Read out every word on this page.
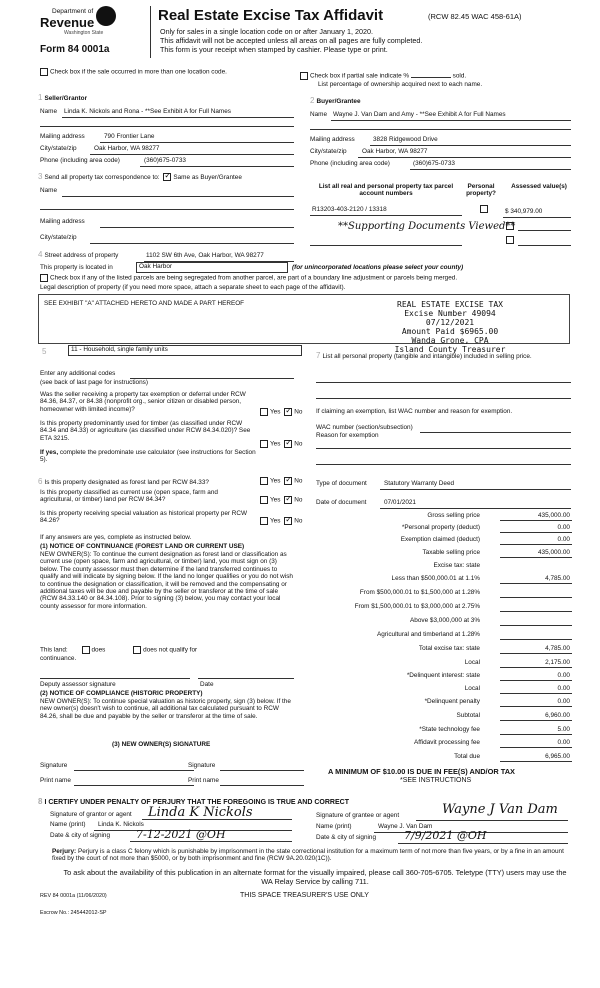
Department of
Revenue
Washington State
Form 84 0001a
Real Estate Excise Tax Affidavit	(RCW 82.45 WAC 458-61A)
Only for sales in a single location code on or after January 1, 2020.
This affidavit will not be accepted unless all areas on all pages are fully completed.
This form is your receipt when stamped by cashier. Please type or print.
Check box if the sale occurred in more than one location code.
Check box if partial sale indicate %	sold.
List percentage of ownership acquired next to each name.
1 Seller/Grantor
Name Linda K. Nickols and Rona - **See Exhibit A for Full Names
Mailing address	790 Frontier Lane
City/state/zip	Oak Harbor, WA 98277
Phone (including area code)	(360)675-0733
2 Buyer/Grantee
Name Wayne J. Van Dam and Amy - **See Exhibit A for Full Names
Mailing address	3828 Ridgewood Drive
City/state/zip Oak Harbor, WA 98277
Phone (including area code)	(360)675-0733
3 Send all property tax correspondence to: ✓ Same as Buyer/Grantee
Name
Mailing address
City/state/zip
List all real and personal property tax parcel account numbers
Personal property?
Assessed value(s)
R13203-403-2120 / 13318	$ 340,979.00
**Supporting Documents Viewed**
4 Street address of property	1102 SW 6th Ave, Oak Harbor, WA 98277
This property is located in	Oak Harbor	(for unincorporated locations please select your county)
Check box if any of the listed parcels are being segregated from another parcel, are part of a boundary line adjustment or parcels being merged.
Legal description of property (if you need more space, attach a separate sheet to each page of the affidavit).
SEE EXHIBIT "A" ATTACHED HERETO AND MADE A PART HEREOF	REAL ESTATE EXCISE TAX
Excise Number 49094
07/12/2021
Amount Paid $6965.00
Wanda Grone, CPA
Island County Treasurer
5	11 - Household, single family units
Enter any additional codes
(see back of last page for instructions)
Was the seller receiving a property tax exemption or deferral under RCW 84.36, 84.37, or 84.38 (nonprofit org., senior citizen or disabled person, homeowner with limited income)?	Yes ✓ No
Is this property predominantly used for timber (as classified under RCW 84.34 and 84.33) or agriculture (as classified under RCW 84.34.020)? See ETA 3215.
Yes ✓ No
If yes, complete the predominate use calculator (see instructions for Section 5).
7 List all personal property (tangible and intangible) included in selling price.
If claiming an exemption, list WAC number and reason for exemption.
WAC number (section/subsection)
Reason for exemption
6 Is this property designated as forest land per RCW 84.33?	Yes ✓ No
Is this property classified as current use (open space, farm and agricultural, or timber) land per RCW 84.34?	Yes ✓ No
Is this property receiving special valuation as historical property per RCW 84.26?	Yes ✓ No
If any answers are yes, complete as instructed below.
(1) NOTICE OF CONTINUANCE (FOREST LAND OR CURRENT USE)
NEW OWNER(S): To continue the current designation as forest land or classification as current use (open space, farm and agricultural, or timber) land, you must sign on (3) below. The county assessor must then determine if the land transferred continues to qualify and will indicate by signing below. If the land no longer qualifies or you do not wish to continue the designation or classification, it will be removed and the compensating or additional taxes will be due and payable by the seller or transferor at the time of sale (RCW 84.33.140 or 84.34.108). Prior to signing (3) below, you may contact your local county assessor for more information.
This land:	does	does not qualify for
continuance.
Deputy assessor signature	Date
(2) NOTICE OF COMPLIANCE (HISTORIC PROPERTY)
NEW OWNER(S): To continue special valuation as historic property, sign (3) below. If the new owner(s) doesn't wish to continue, all additional tax calculated pursuant to RCW 84.26, shall be due and payable by the seller or transferor at the time of sale.
(3) NEW OWNER(S) SIGNATURE
Signature	Signature
Print name	Print name
Type of document	Statutory Warranty Deed
Date of document	07/01/2021
Gross selling price	435,000.00
*Personal property (deduct)	0.00
Exemption claimed (deduct)	0.00
Taxable selling price	435,000.00
Excise tax: state
Less than $500,000.01 at 1.1%	4,785.00
From $500,000.01 to $1,500,000 at 1.28%
From $1,500,000.01 to $3,000,000 at 2.75%
Above $3,000,000 at 3%
Agricultural and timberland at 1.28%
Total excise tax: state	4,785.00
Local	2,175.00
*Delinquent interest: state	0.00
Local	0.00
*Delinquent penalty	0.00
Subtotal	6,960.00
*State technology fee	5.00
Affidavit processing fee	0.00
Total due	6,965.00
A MINIMUM OF $10.00 IS DUE IN FEE(S) AND/OR TAX
*SEE INSTRUCTIONS
8 I CERTIFY UNDER PENALTY OF PERJURY THAT THE FOREGOING IS TRUE AND CORRECT
Signature of grantor or agent Linda K Nickols
Name (print) Linda K. Nickols
Date & city of signing 7-12-2021 @OH
Signature of grantee or agent	Wayne J Van Dam
Name (print)	Wayne J. Van Dam
Date & city of signing	7/9/2021 @OH
Perjury: Perjury is a class C felony which is punishable by imprisonment in the state correctional institution for a maximum term of not more than five years, or by a fine in an amount fixed by the court of not more than $5000, or by both imprisonment and fine (RCW 9A.20.020(1C)).
To ask about the availability of this publication in an alternate format for the visually impaired, please call 360-705-6705. Teletype (TTY) users may use the WA Relay Service by calling 711.
REV 84 0001a (11/06/2020)	THIS SPACE TREASURER'S USE ONLY
Escrow No.: 245442012-SP
